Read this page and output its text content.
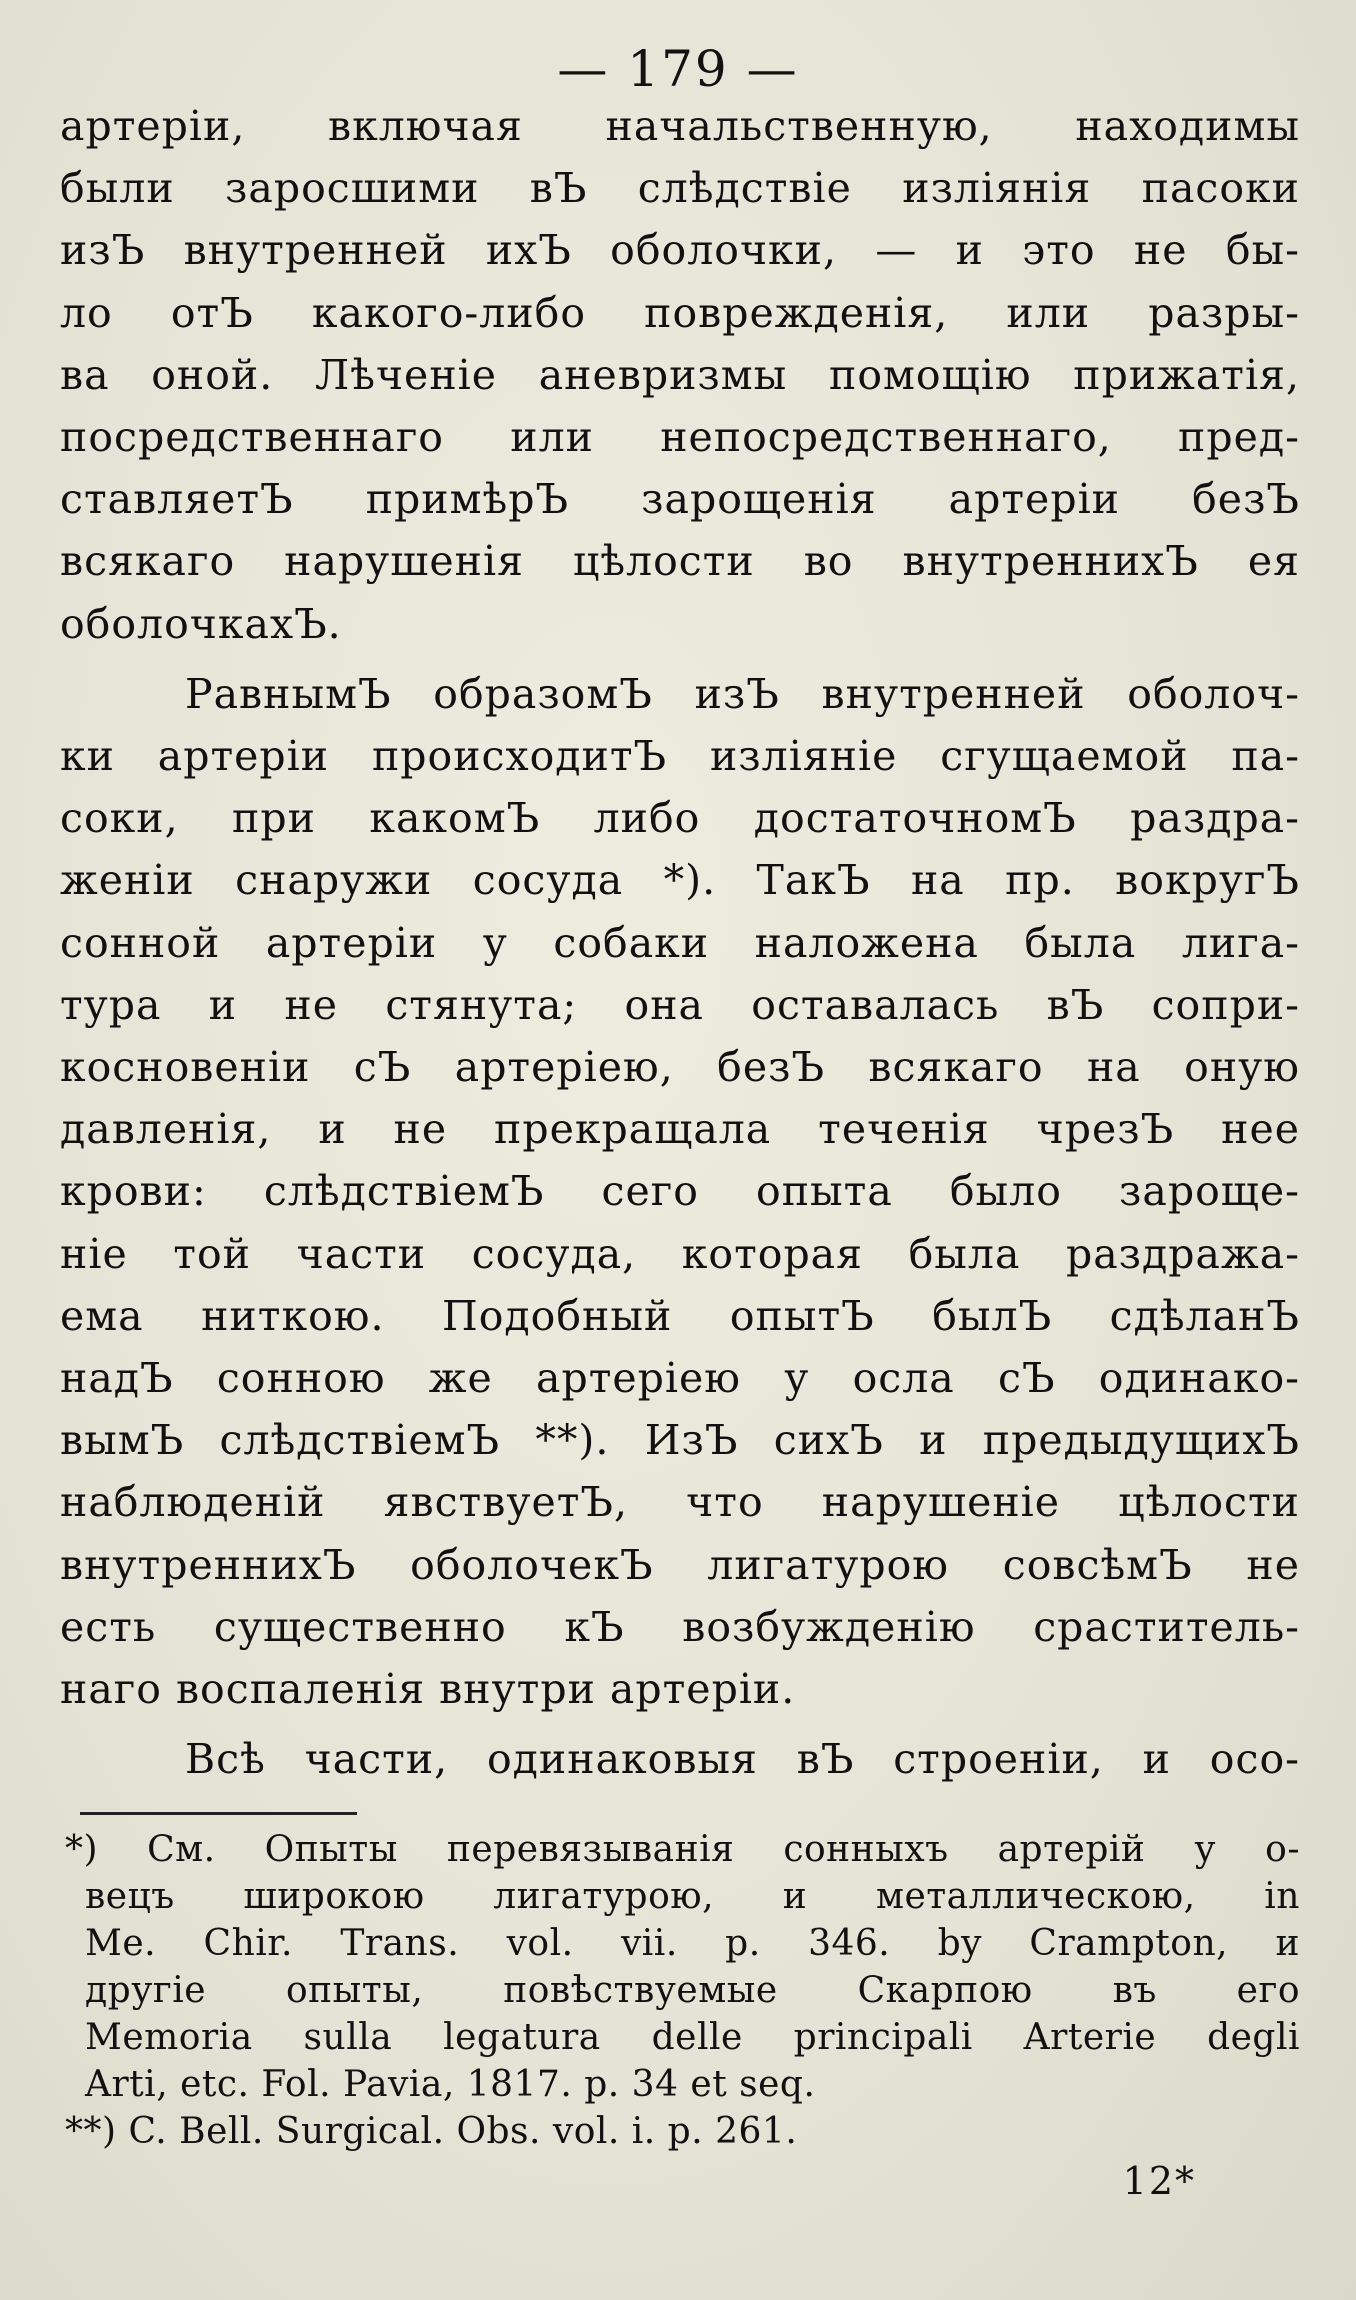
— 179 —
артеріи, включая начальственную, находимы
были заросшими вЪ слѣдствіе изліянія пасоки
изЪ внутренней ихЪ оболочки, — и это не бы-
ло отЪ какого-либо поврежденія, или разры-
ва оной. Лѣченіе аневризмы помощію прижатія,
посредственнаго или непосредственнаго, пред-
ставляетЪ примѣрЪ зарощенія артеріи безЪ
всякаго нарушенія цѣлости во внутреннихЪ ея
оболочкахЪ.
РавнымЪ образомЪ изЪ внутренней оболоч-
ки артеріи происходитЪ изліяніе сгущаемой па-
соки, при какомЪ либо достаточномЪ раздра-
женіи снаружи сосуда *). ТакЪ на пр. вокругЪ
сонной артеріи у собаки наложена была лига-
тура и не стянута; она оставалась вЪ сопри-
косновеніи сЪ артеріею, безЪ всякаго на оную
давленія, и не прекращала теченія чрезЪ нее
крови: слѣдствіемЪ сего опыта было зарощe-
ніе той части сосуда, которая была раздража-
ема ниткою. Подобный опытЪ былЪ сдѣланЪ
надЪ сонною же артеріею у осла сЪ одинако-
вымЪ слѣдствіемЪ **). ИзЪ сихЪ и предыдущихЪ
наблюденій явствуетЪ, что нарушеніе цѣлости
внутреннихЪ оболочекЪ лигатурою совсѣмЪ не
есть существенно кЪ возбужденію сраститель-
наго воспаленія внутри артеріи.
Всѣ части, одинаковыя вЪ строеніи, и осо-
*) См. Опыты перевязыванія сонныхъ артерій у о-
вецъ широкою лигатурою, и металлическою, in
Me. Chir. Trans. vol. vii. p. 346. by Crampton, и
другіе опыты, повѣствуемые Скарпою въ его
Memoria sulla legatura delle principali Arterie degli
Arti, etc. Fol. Pavia, 1817. p. 34 et seq.
**) C. Bell. Surgical. Obs. vol. i. p. 261.
12*
